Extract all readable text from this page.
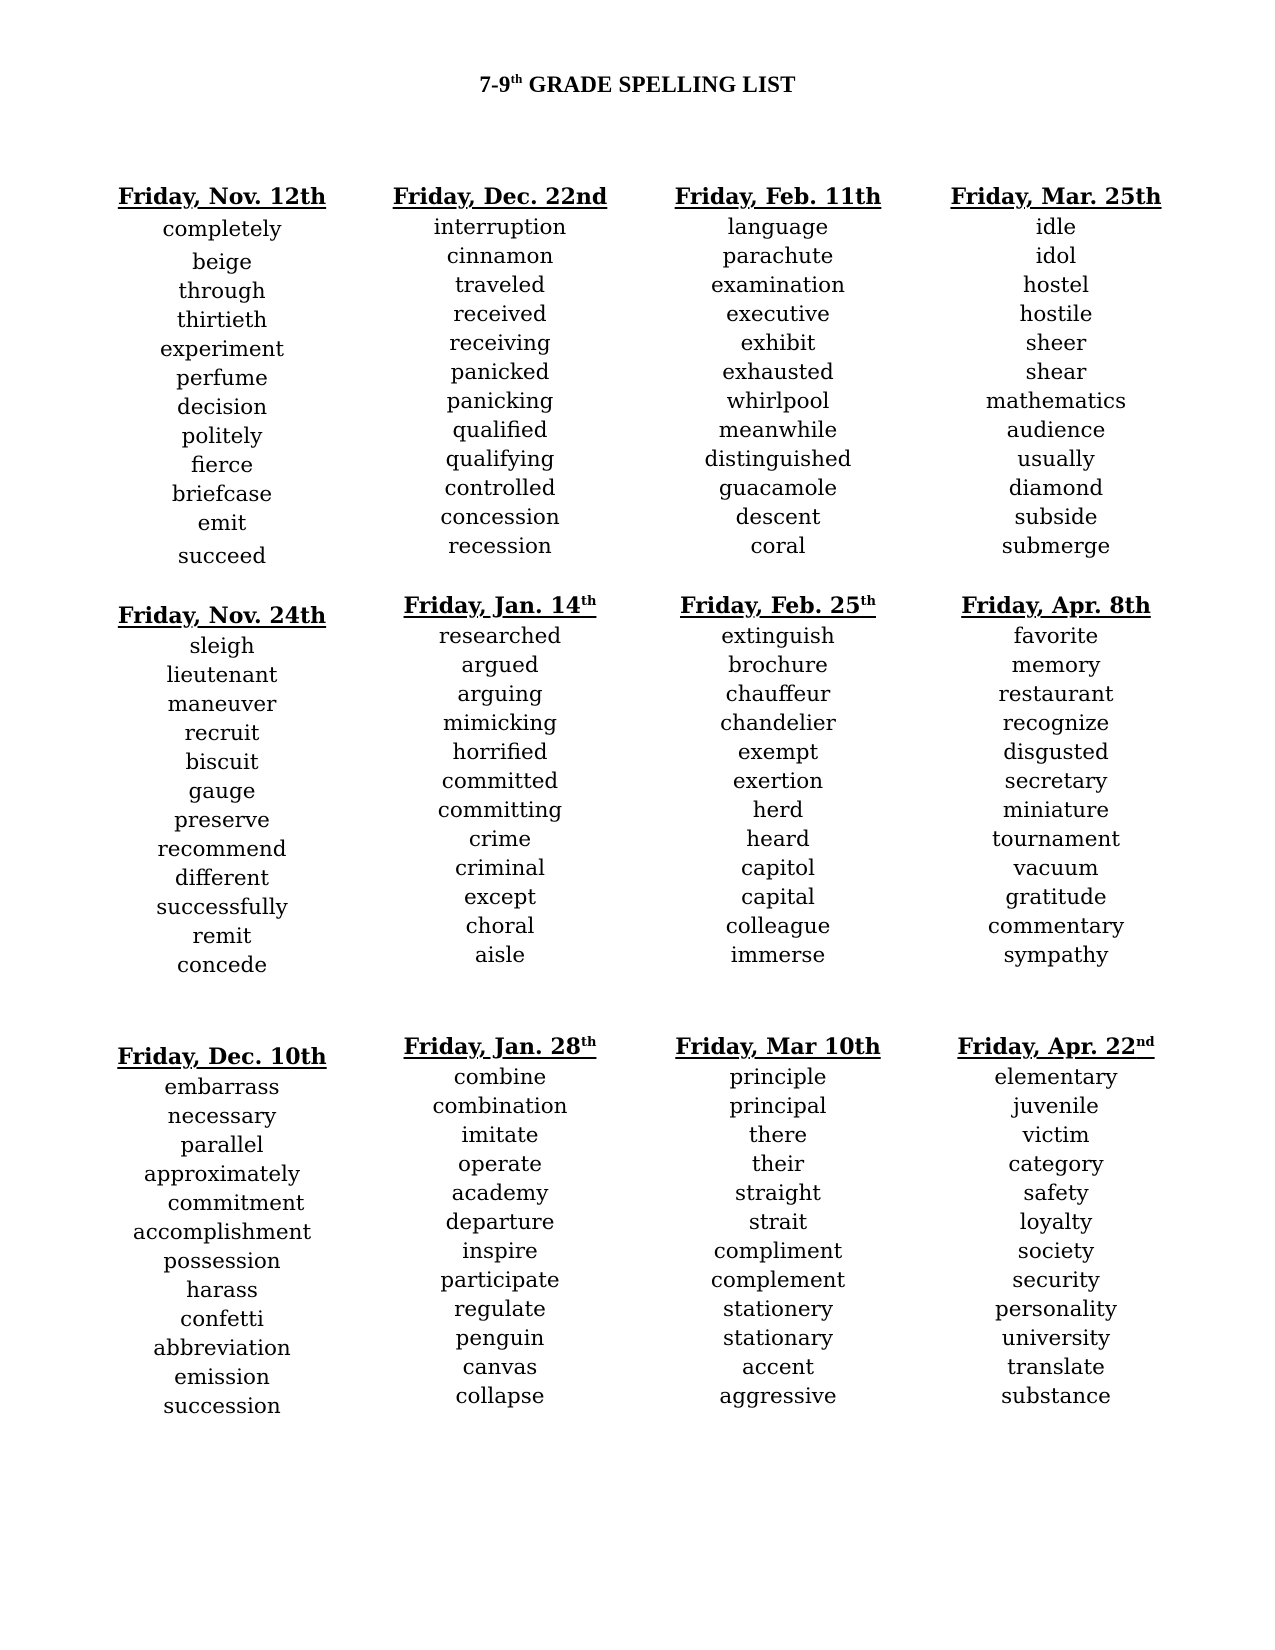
7-9th GRADE SPELLING LIST
Friday, Nov. 12th
completely
beige
through
thirtieth
experiment
perfume
decision
politely
fierce
briefcase
emit
succeed
Friday, Dec. 22nd
interruption
cinnamon
traveled
received
receiving
panicked
panicking
qualified
qualifying
controlled
concession
recession
Friday, Feb. 11th
language
parachute
examination
executive
exhibit
exhausted
whirlpool
meanwhile
distinguished
guacamole
descent
coral
Friday, Mar. 25th
idle
idol
hostel
hostile
sheer
shear
mathematics
audience
usually
diamond
subside
submerge
Friday, Nov. 24th
sleigh
lieutenant
maneuver
recruit
biscuit
gauge
preserve
recommend
different
successfully
remit
concede
Friday, Jan. 14th
researched
argued
arguing
mimicking
horrified
committed
committing
crime
criminal
except
choral
aisle
Friday, Feb. 25th
extinguish
brochure
chauffeur
chandelier
exempt
exertion
herd
heard
capitol
capital
colleague
immerse
Friday, Apr. 8th
favorite
memory
restaurant
recognize
disgusted
secretary
miniature
tournament
vacuum
gratitude
commentary
sympathy
Friday, Dec. 10th
embarrass
necessary
parallel
approximately
commitment
accomplishment
possession
harass
confetti
abbreviation
emission
succession
Friday, Jan. 28th
combine
combination
imitate
operate
academy
departure
inspire
participate
regulate
penguin
canvas
collapse
Friday, Mar 10th
principle
principal
there
their
straight
strait
compliment
complement
stationery
stationary
accent
aggressive
Friday, Apr. 22nd
elementary
juvenile
victim
category
safety
loyalty
society
security
personality
university
translate
substance
